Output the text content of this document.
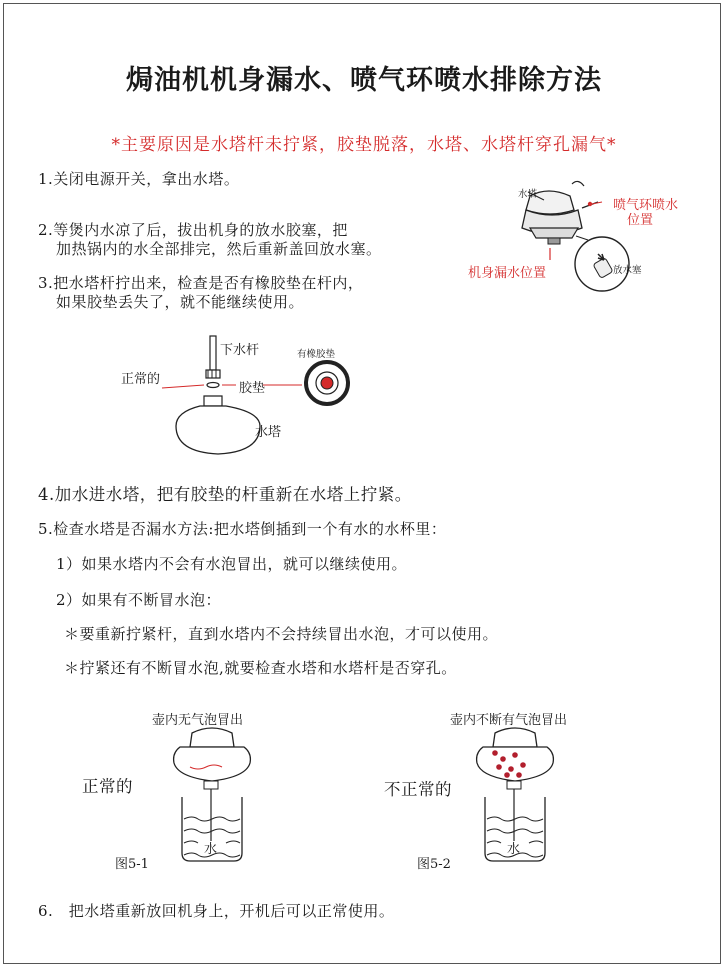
焗油机机身漏水、喷气环喷水排除方法
*主要原因是水塔杆未拧紧，胶垫脱落，水塔、水塔杆穿孔漏气*
1.关闭电源开关，拿出水塔。
2.等煲内水凉了后，拔出机身的放水胶塞，把
加热锅内的水全部排完，然后重新盖回放水塞。
3.把水塔杆拧出来，检查是否有橡胶垫在杆内，
如果胶垫丢失了，就不能继续使用。
水塔
喷气环喷水
位置
机身漏水位置	放水塞
下水杆	有橡胶垫
正常的
胶垫
水塔
4.加水进水塔，把有胶垫的杆重新在水塔上拧紧。
5.检查水塔是否漏水方法:把水塔倒插到一个有水的水杯里：
1）如果水塔内不会有水泡冒出，就可以继续使用。
2）如果有不断冒水泡：
＊要重新拧紧杆，直到水塔内不会持续冒出水泡，才可以使用。
＊拧紧还有不断冒水泡,就要检查水塔和水塔杆是否穿孔。
壶内无气泡冒出
正常的
水
图5-1
壶内不断有气泡冒出
不正常的
水
图5-2
6.　把水塔重新放回机身上，开机后可以正常使用。
